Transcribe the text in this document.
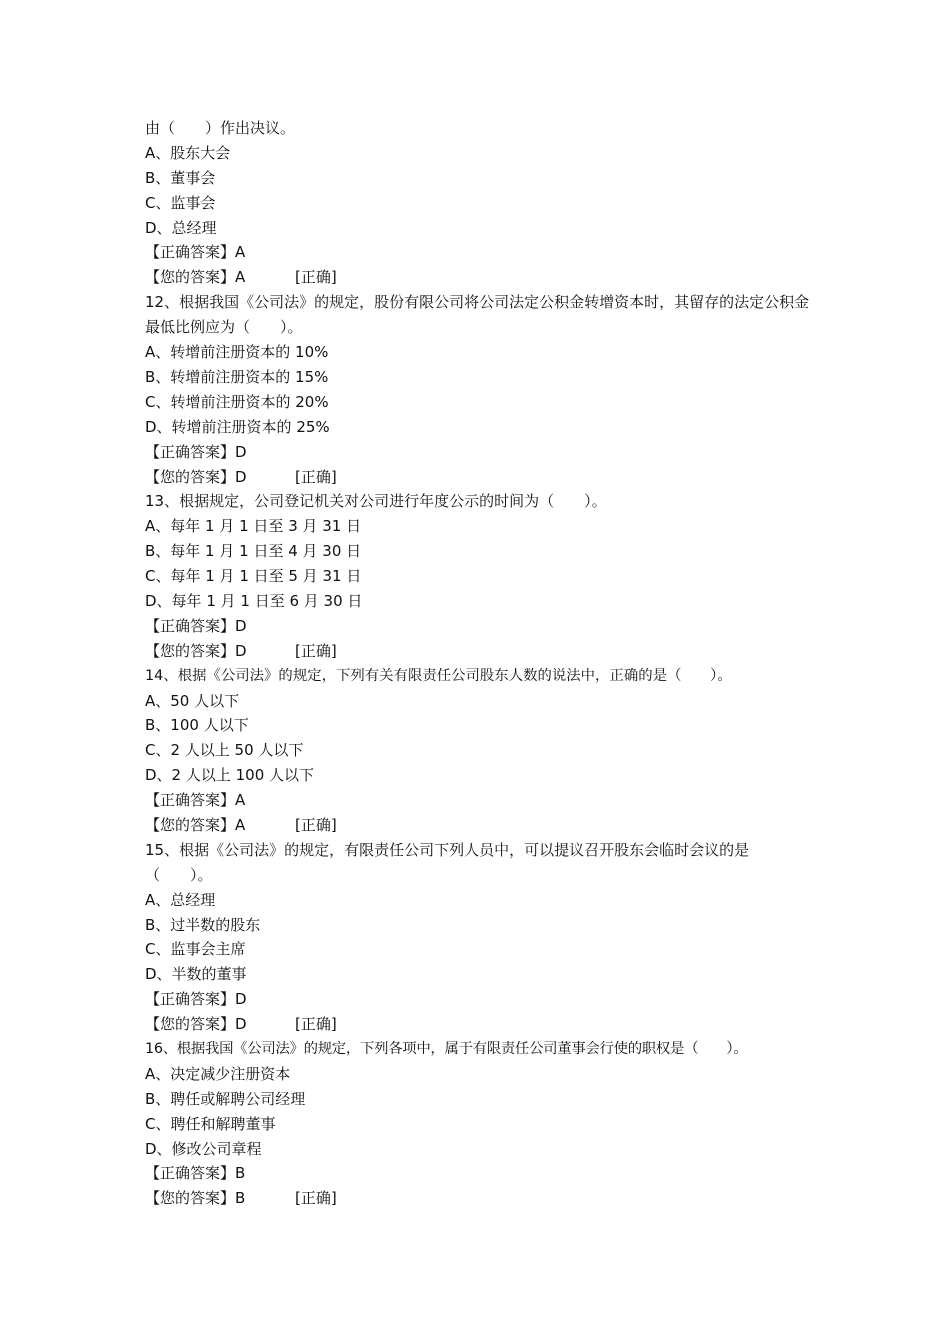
由（　　）作出决议。
A、股东大会
B、董事会
C、监事会
D、总经理
【正确答案】A
【您的答案】A	[正确]
12、根据我国《公司法》的规定，股份有限公司将公司法定公积金转增资本时，其留存的法定公积金最低比例应为（　　）。
A、转增前注册资本的 10%
B、转增前注册资本的 15%
C、转增前注册资本的 20%
D、转增前注册资本的 25%
【正确答案】D
【您的答案】D	[正确]
13、根据规定，公司登记机关对公司进行年度公示的时间为（　　）。
A、每年 1 月 1 日至 3 月 31 日
B、每年 1 月 1 日至 4 月 30 日
C、每年 1 月 1 日至 5 月 31 日
D、每年 1 月 1 日至 6 月 30 日
【正确答案】D
【您的答案】D	[正确]
14、根据《公司法》的规定，下列有关有限责任公司股东人数的说法中，正确的是（　　）。
A、50 人以下
B、100 人以下
C、2 人以上 50 人以下
D、2 人以上 100 人以下
【正确答案】A
【您的答案】A	[正确]
15、根据《公司法》的规定，有限责任公司下列人员中，可以提议召开股东会临时会议的是（　　）。
A、总经理
B、过半数的股东
C、监事会主席
D、半数的董事
【正确答案】D
【您的答案】D	[正确]
16、根据我国《公司法》的规定，下列各项中，属于有限责任公司董事会行使的职权是（　　）。
A、决定减少注册资本
B、聘任或解聘公司经理
C、聘任和解聘董事
D、修改公司章程
【正确答案】B
【您的答案】B	[正确]
